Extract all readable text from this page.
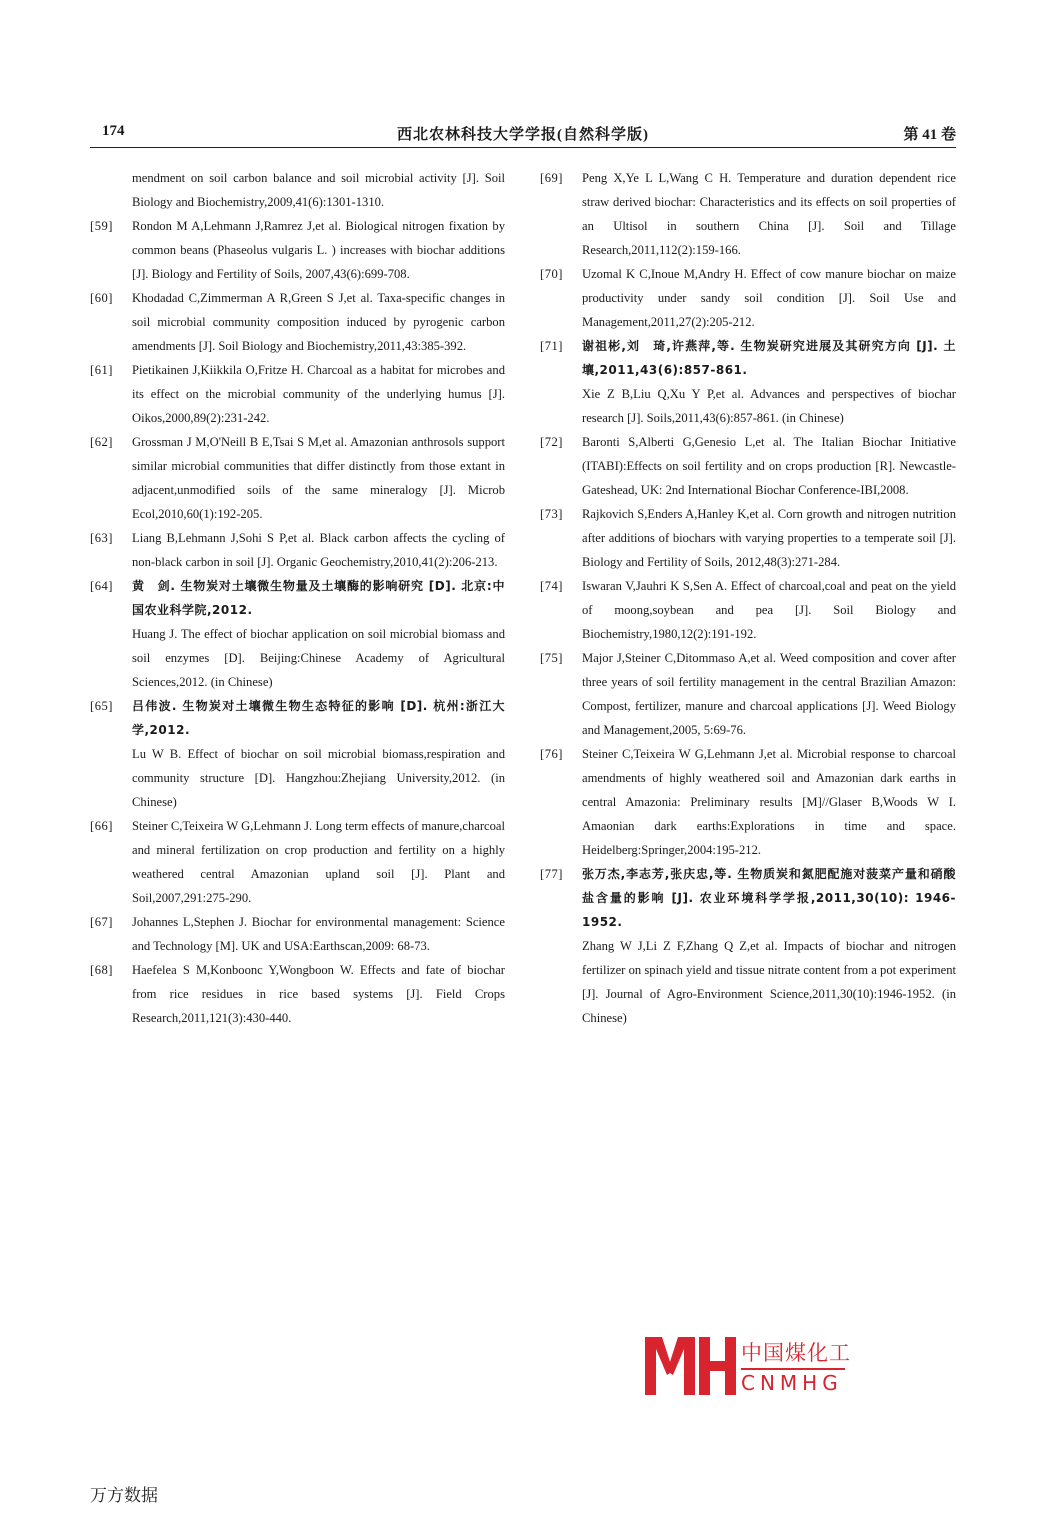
174	西北农林科技大学学报(自然科学版)	第 41 卷

mendment on soil carbon balance and soil microbial activity [J]. Soil Biology and Biochemistry,2009,41(6):1301-1310.

[59]	Rondon M A,Lehmann J,Ramrez J,et al. Biological nitrogen fixation by common beans (Phaseolus vulgaris L. ) increases with biochar additions [J]. Biology and Fertility of Soils, 2007,43(6):699-708.

[60]	Khodadad C,Zimmerman A R,Green S J,et al. Taxa-specific changes in soil microbial community composition induced by pyrogenic carbon amendments [J]. Soil Biology and Biochemistry,2011,43:385-392.

[61]	Pietikainen J,Kiikkila O,Fritze H. Charcoal as a habitat for microbes and its effect on the microbial community of the underlying humus [J]. Oikos,2000,89(2):231-242.

[62]	Grossman J M,O'Neill B E,Tsai S M,et al. Amazonian anthrosols support similar microbial communities that differ distinctly from those extant in adjacent,unmodified soils of the same mineralogy [J]. Microb Ecol,2010,60(1):192-205.

[63]	Liang B,Lehmann J,Sohi S P,et al. Black carbon affects the cycling of non-black carbon in soil [J]. Organic Geochemistry,2010,41(2):206-213.

[64]	黄　剑. 生物炭对土壤微生物量及土壤酶的影响研究 [D]. 北京:中国农业科学院,2012.

Huang J. The effect of biochar application on soil microbial biomass and soil enzymes [D]. Beijing:Chinese Academy of Agricultural Sciences,2012. (in Chinese)

[65]	吕伟波. 生物炭对土壤微生物生态特征的影响 [D]. 杭州:浙江大学,2012.

Lu W B. Effect of biochar on soil microbial biomass,respiration and community structure [D]. Hangzhou:Zhejiang University,2012. (in Chinese)

[66]	Steiner C,Teixeira W G,Lehmann J. Long term effects of manure,charcoal and mineral fertilization on crop production and fertility on a highly weathered central Amazonian upland soil [J]. Plant and Soil,2007,291:275-290.

[67]	Johannes L,Stephen J. Biochar for environmental management: Science and Technology [M]. UK and USA:Earthscan,2009: 68-73.

[68]	Haefelea S M,Konboonc Y,Wongboon W. Effects and fate of biochar from rice residues in rice based systems [J]. Field Crops Research,2011,121(3):430-440.

[69]	Peng X,Ye L L,Wang C H. Temperature and duration dependent rice straw derived biochar: Characteristics and its effects on soil properties of an Ultisol in southern China [J]. Soil and Tillage Research,2011,112(2):159-166.

[70]	Uzomal K C,Inoue M,Andry H. Effect of cow manure biochar on maize productivity under sandy soil condition [J]. Soil Use and Management,2011,27(2):205-212.

[71]	谢祖彬,刘　琦,许燕萍,等. 生物炭研究进展及其研究方向 [J]. 土壤,2011,43(6):857-861.

Xie Z B,Liu Q,Xu Y P,et al. Advances and perspectives of biochar research [J]. Soils,2011,43(6):857-861. (in Chinese)

[72]	Baronti S,Alberti G,Genesio L,et al. The Italian Biochar Initiative (ITABI):Effects on soil fertility and on crops production [R]. Newcastle-Gateshead, UK: 2nd International Biochar Conference-IBI,2008.

[73]	Rajkovich S,Enders A,Hanley K,et al. Corn growth and nitrogen nutrition after additions of biochars with varying properties to a temperate soil [J]. Biology and Fertility of Soils, 2012,48(3):271-284.

[74]	Iswaran V,Jauhri K S,Sen A. Effect of charcoal,coal and peat on the yield of moong,soybean and pea [J]. Soil Biology and Biochemistry,1980,12(2):191-192.

[75]	Major J,Steiner C,Ditommaso A,et al. Weed composition and cover after three years of soil fertility management in the central Brazilian Amazon: Compost, fertilizer, manure and charcoal applications [J]. Weed Biology and Management,2005, 5:69-76.

[76]	Steiner C,Teixeira W G,Lehmann J,et al. Microbial response to charcoal amendments of highly weathered soil and Amazonian dark earths in central Amazonia: Preliminary results [M]//Glaser B,Woods W I. Amaonian dark earths:Explorations in time and space. Heidelberg:Springer,2004:195-212.

[77]	张万杰,李志芳,张庆忠,等. 生物质炭和氮肥配施对菠菜产量和硝酸盐含量的影响 [J]. 农业环境科学学报,2011,30(10): 1946-1952.

Zhang W J,Li Z F,Zhang Q Z,et al. Impacts of biochar and nitrogen fertilizer on spinach yield and tissue nitrate content from a pot experiment [J]. Journal of Agro-Environment Science,2011,30(10):1946-1952. (in Chinese)

中国煤化工
CNMHG
万方数据
